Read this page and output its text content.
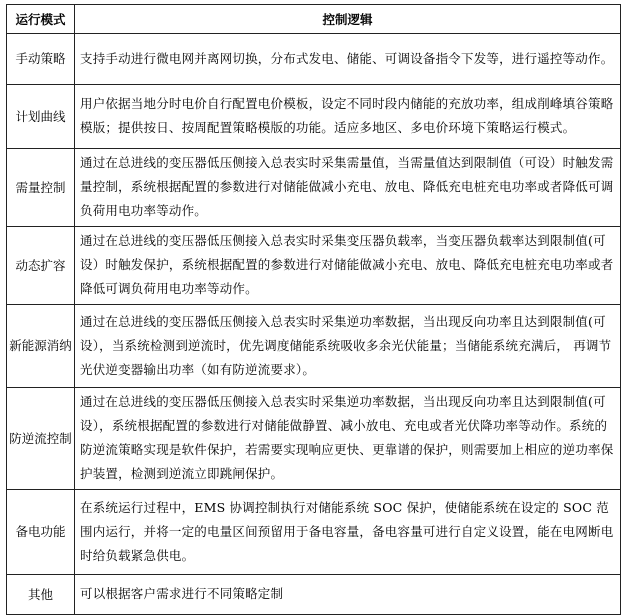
运行模式	控制逻辑
手动策略	支持手动进行微电网并离网切换，分布式发电、储能、可调设备指令下发等，进行遥控等动作。
计划曲线	用户依据当地分时电价自行配置电价模板，设定不同时段内储能的充放功率，组成削峰填谷策略模版；提供按日、按周配置策略模版的功能。适应多地区、多电价环境下策略运行模式。
需量控制	通过在总进线的变压器低压侧接入总表实时采集需量值，当需量值达到限制值（可设）时触发需量控制，系统根据配置的参数进行对储能做减小充电、放电、降低充电桩充电功率或者降低可调负荷用电功率等动作。
动态扩容	通过在总进线的变压器低压侧接入总表实时采集变压器负载率，当变压器负载率达到限制值(可设）时触发保护，系统根据配置的参数进行对储能做减小充电、放电、降低充电桩充电功率或者降低可调负荷用电功率等动作。
新能源消纳	通过在总进线的变压器低压侧接入总表实时采集逆功率数据，当出现反向功率且达到限制值(可设），当系统检测到逆流时，优先调度储能系统吸收多余光伏能量；当储能系统充满后， 再调节光伏逆变器输出功率（如有防逆流要求）。
防逆流控制	通过在总进线的变压器低压侧接入总表实时采集逆功率数据，当出现反向功率且达到限制值(可设），系统根据配置的参数进行对储能做静置、减小放电、充电或者光伏降功率等动作。系统的防逆流策略实现是软件保护，若需要实现响应更快、更靠谱的保护，则需要加上相应的逆功率保护装置，检测到逆流立即跳闸保护。
备电功能	在系统运行过程中，EMS 协调控制执行对储能系统 SOC 保护，使储能系统在设定的 SOC 范围内运行，并将一定的电量区间预留用于备电容量，备电容量可进行自定义设置，能在电网断电时给负载紧急供电。
其他	可以根据客户需求进行不同策略定制
